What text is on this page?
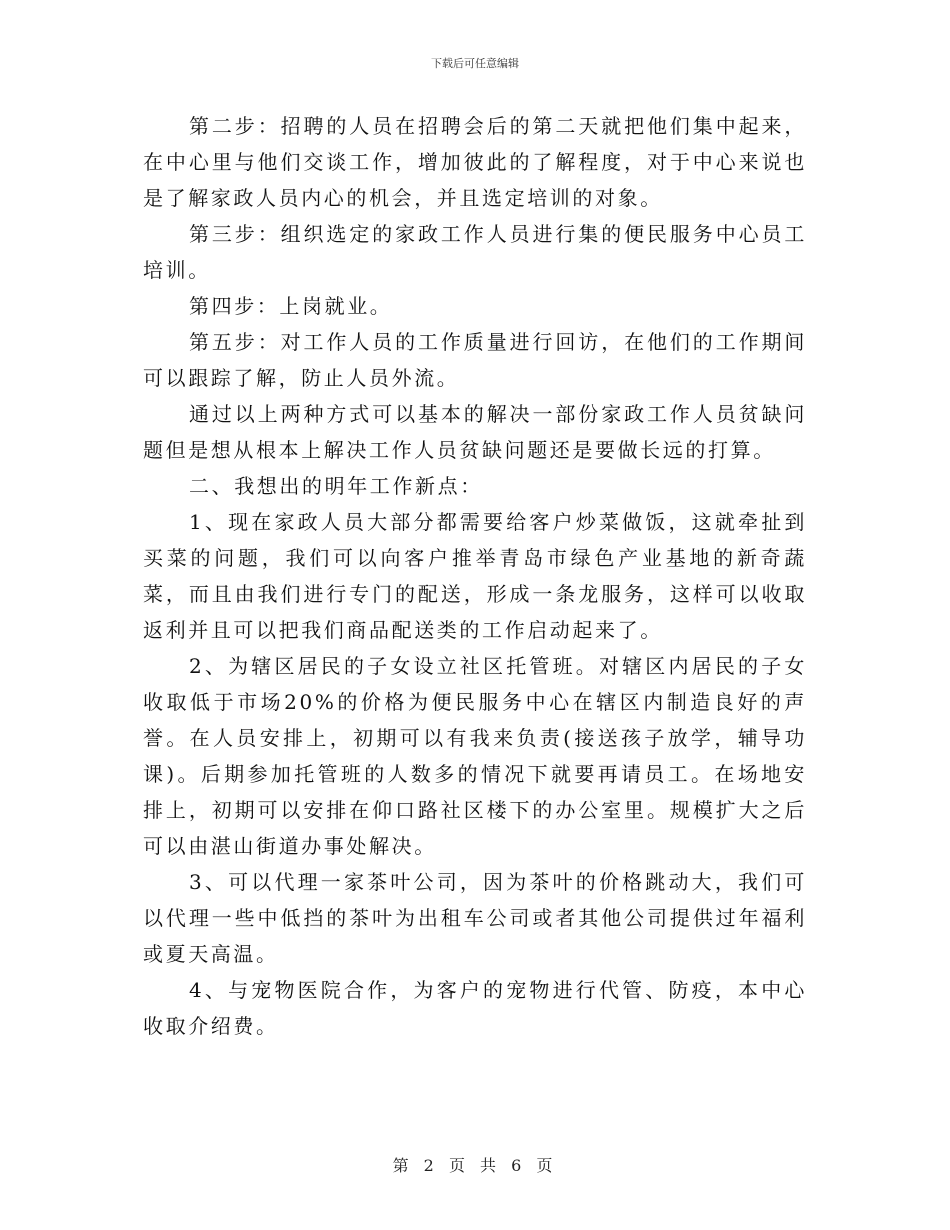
下载后可任意编辑

第二步：招聘的人员在招聘会后的第二天就把他们集中起来，在中心里与他们交谈工作，增加彼此的了解程度，对于中心来说也是了解家政人员内心的机会，并且选定培训的对象。

第三步：组织选定的家政工作人员进行集的便民服务中心员工培训。

第四步：上岗就业。

第五步：对工作人员的工作质量进行回访，在他们的工作期间可以跟踪了解，防止人员外流。

通过以上两种方式可以基本的解决一部份家政工作人员贫缺问题但是想从根本上解决工作人员贫缺问题还是要做长远的打算。

二、我想出的明年工作新点：

1、现在家政人员大部分都需要给客户炒菜做饭，这就牵扯到买菜的问题，我们可以向客户推举青岛市绿色产业基地的新奇蔬菜，而且由我们进行专门的配送，形成一条龙服务，这样可以收取返利并且可以把我们商品配送类的工作启动起来了。

2、为辖区居民的子女设立社区托管班。对辖区内居民的子女收取低于市场20%的价格为便民服务中心在辖区内制造良好的声誉。在人员安排上，初期可以有我来负责(接送孩子放学，辅导功课)。后期参加托管班的人数多的情况下就要再请员工。在场地安排上，初期可以安排在仰口路社区楼下的办公室里。规模扩大之后可以由湛山街道办事处解决。

3、可以代理一家茶叶公司，因为茶叶的价格跳动大，我们可以代理一些中低挡的茶叶为出租车公司或者其他公司提供过年福利或夏天高温。

4、与宠物医院合作，为客户的宠物进行代管、防疫，本中心收取介绍费。

第 2 页 共 6 页
